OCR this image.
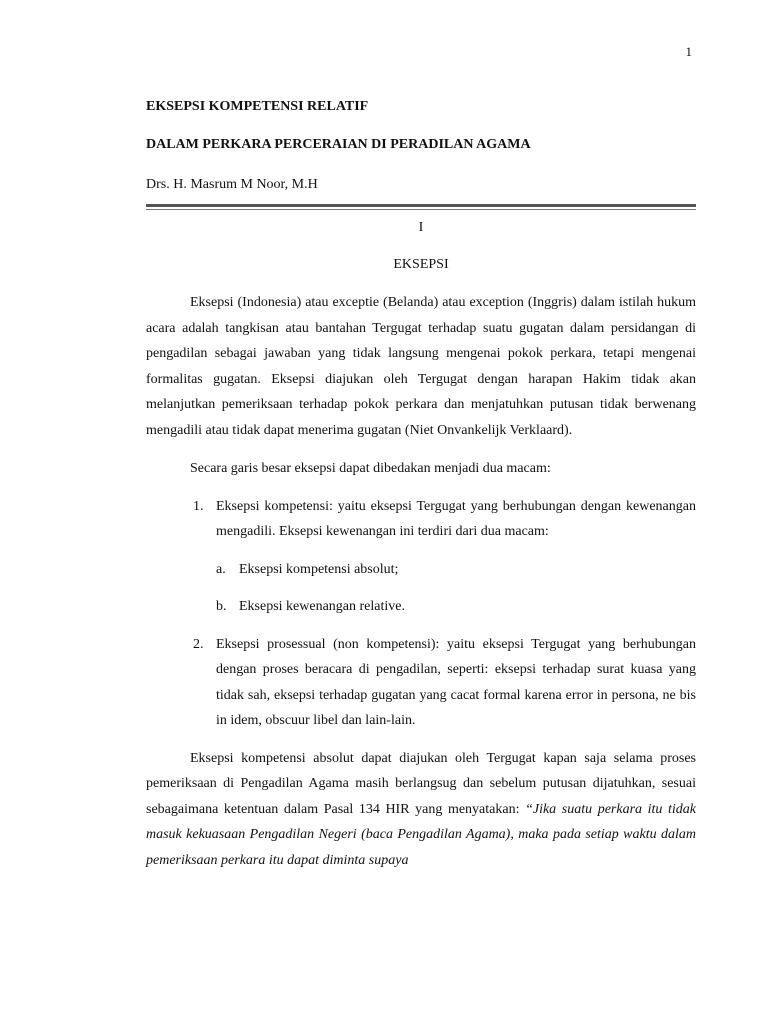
1

EKSEPSI KOMPETENSI RELATIF

DALAM PERKARA PERCERAIAN DI PERADILAN AGAMA

Drs. H. Masrum M Noor, M.H

I

EKSEPSI

Eksepsi (Indonesia) atau exceptie (Belanda) atau exception (Inggris) dalam istilah hukum acara adalah tangkisan atau bantahan Tergugat terhadap suatu gugatan dalam persidangan di pengadilan sebagai jawaban yang tidak langsung mengenai pokok perkara, tetapi mengenai formalitas gugatan. Eksepsi diajukan oleh Tergugat dengan harapan Hakim tidak akan melanjutkan pemeriksaan terhadap pokok perkara dan menjatuhkan putusan tidak berwenang mengadili atau tidak dapat menerima gugatan (Niet Onvankelijk Verklaard).

Secara garis besar eksepsi dapat dibedakan menjadi dua macam:

1. Eksepsi kompetensi: yaitu eksepsi Tergugat yang berhubungan dengan kewenangan mengadili. Eksepsi kewenangan ini terdiri dari dua macam:
a. Eksepsi kompetensi absolut;
b. Eksepsi kewenangan relative.
2. Eksepsi prosessual (non kompetensi): yaitu eksepsi Tergugat yang berhubungan dengan proses beracara di pengadilan, seperti: eksepsi terhadap surat kuasa yang tidak sah, eksepsi terhadap gugatan yang cacat formal karena error in persona, ne bis in idem, obscuur libel dan lain-lain.

Eksepsi kompetensi absolut dapat diajukan oleh Tergugat kapan saja selama proses pemeriksaan di Pengadilan Agama masih berlangsug dan sebelum putusan dijatuhkan, sesuai sebagaimana ketentuan dalam Pasal 134 HIR yang menyatakan: “Jika suatu perkara itu tidak masuk kekuasaan Pengadilan Negeri (baca Pengadilan Agama), maka pada setiap waktu dalam pemeriksaan perkara itu dapat diminta supaya
